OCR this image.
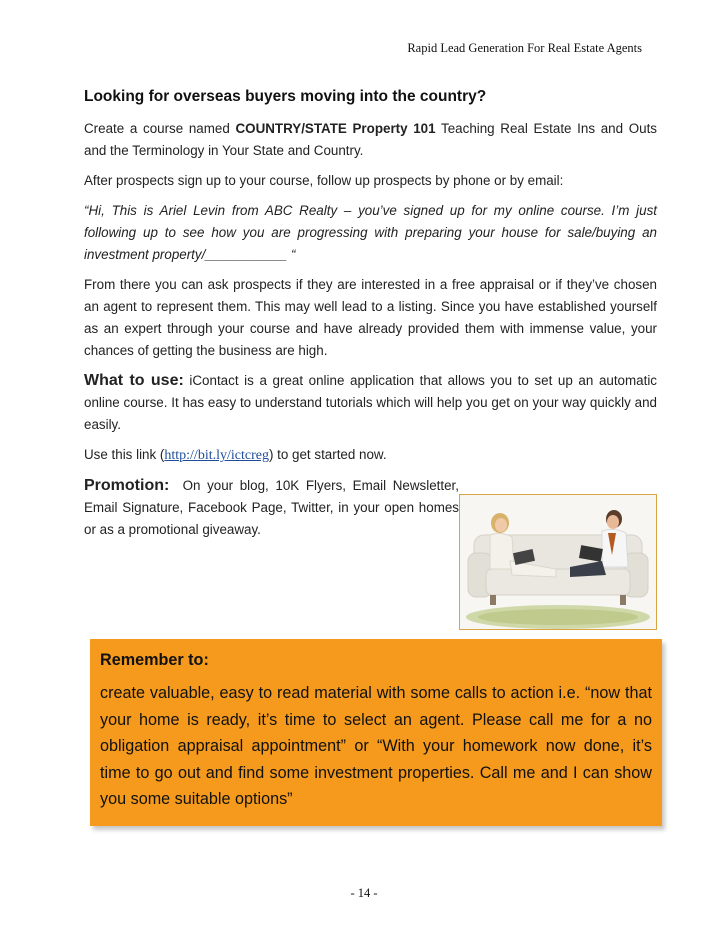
Rapid Lead Generation For Real Estate Agents
Looking for overseas buyers moving into the country?

Create a course named COUNTRY/STATE Property 101 Teaching Real Estate Ins and Outs and the Terminology in Your State and Country.

After prospects sign up to your course, follow up prospects by phone or by email:

“Hi, This is Ariel Levin from ABC Realty – you’ve signed up for my online course. I’m just following up to see how you are progressing with preparing your house for sale/buying an investment property/___________ “

From there you can ask prospects if they are interested in a free appraisal or if they’ve chosen an agent to represent them. This may well lead to a listing. Since you have established yourself as an expert through your course and have already provided them with immense value, your chances of getting the business are high.

What to use: iContact is a great online application that allows you to set up an automatic online course. It has easy to understand tutorials which will help you get on your way quickly and easily.

Use this link (http://bit.ly/ictcreg) to get started now.

Promotion:  On your blog, 10K Flyers, Email Newsletter, Email Signature, Facebook Page, Twitter, in your open homes or as a promotional giveaway.

Remember to:

create valuable, easy to read material with some calls to action i.e. “now that your home is ready, it’s time to select an agent. Please call me for a no obligation appraisal appointment” or “With your homework now done, it’s time to go out and find some investment properties. Call me and I can show you some suitable options”

- 14 -
